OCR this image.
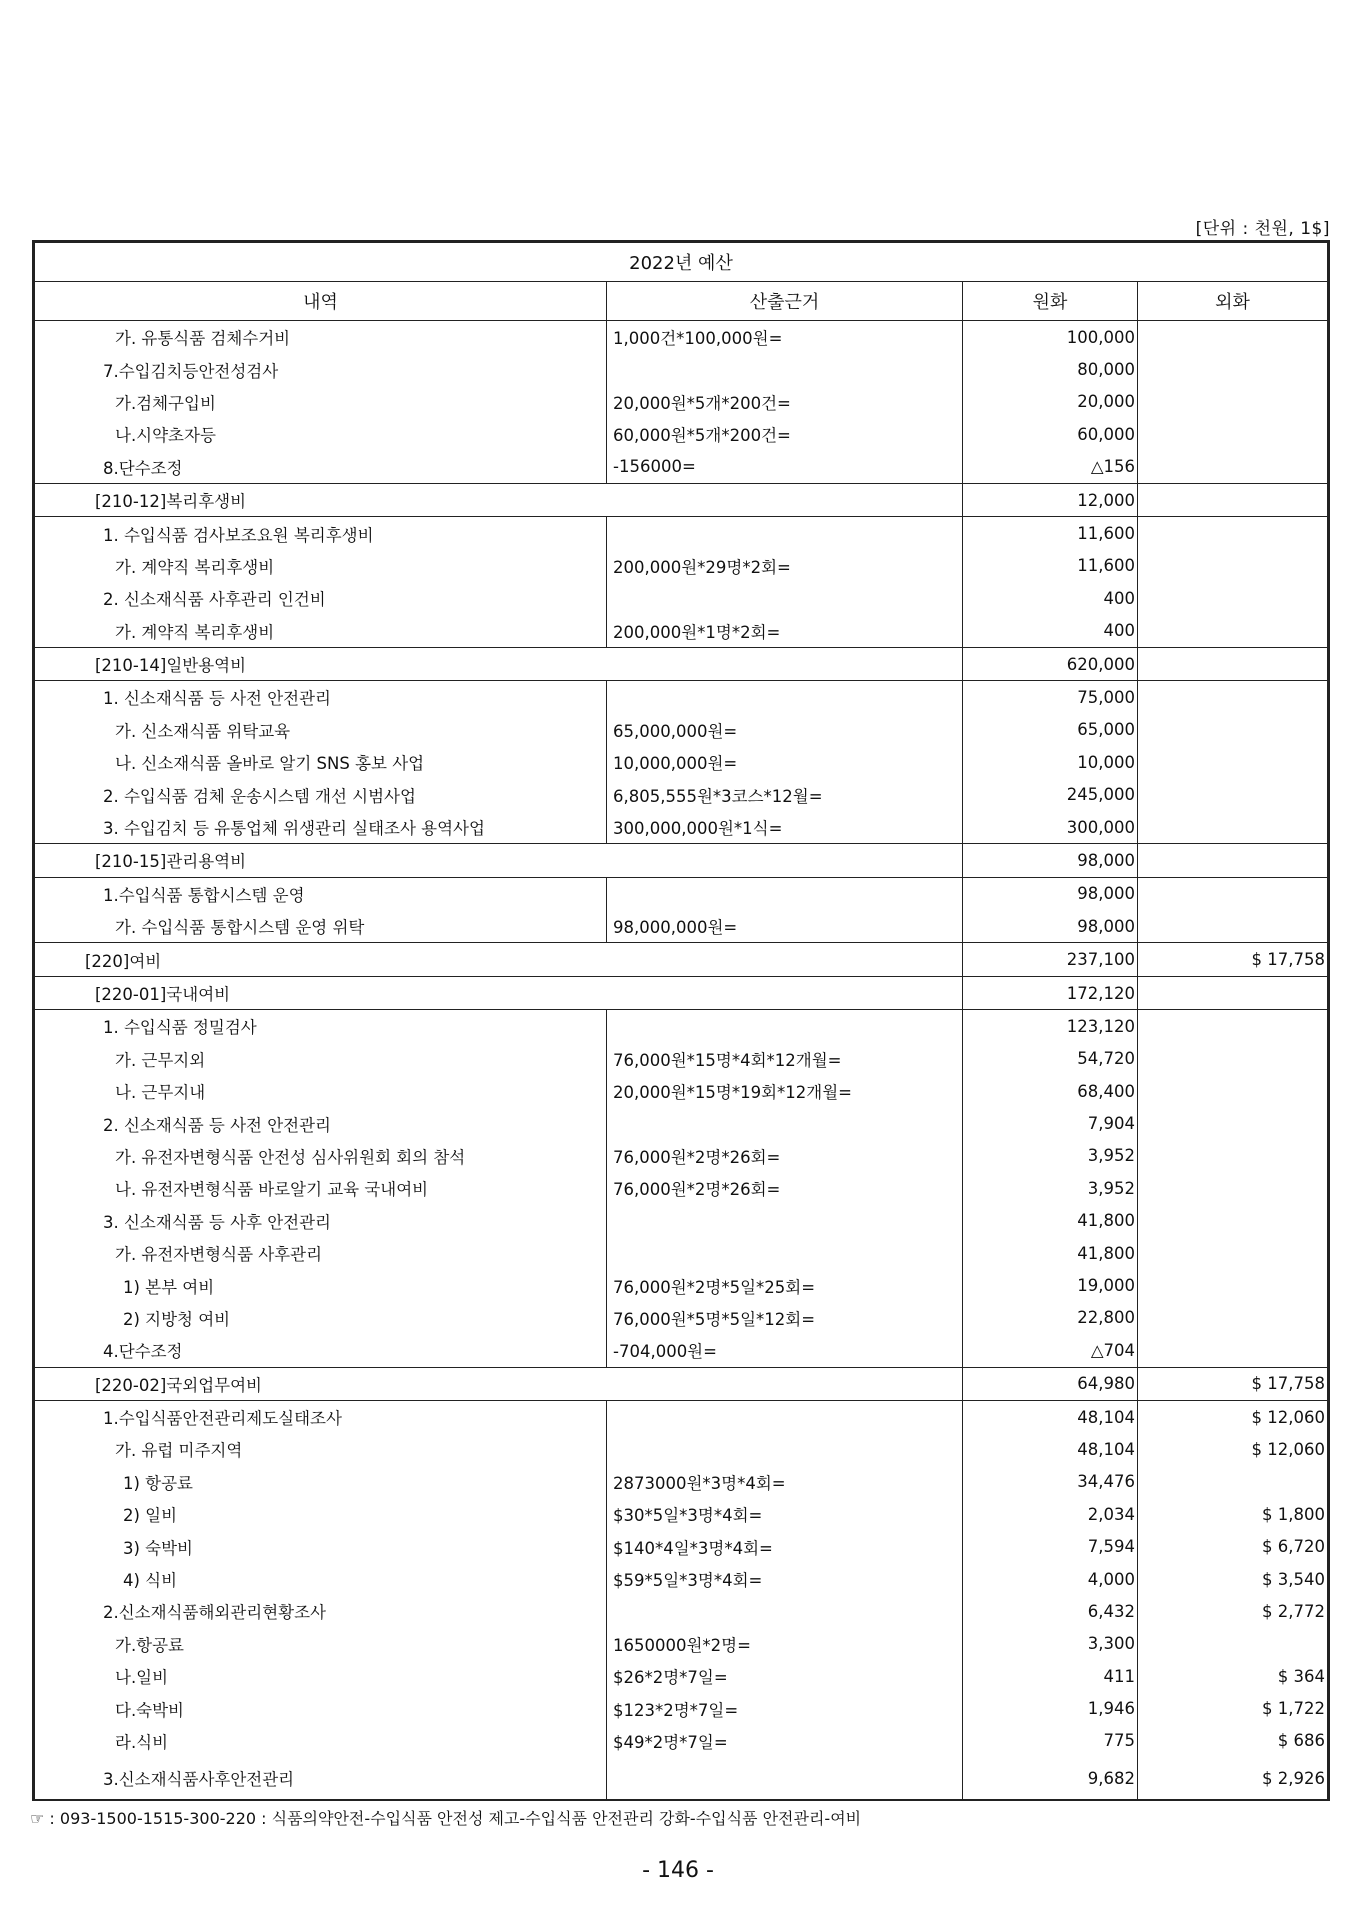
[단위 : 천원, 1$]
2022년 예산			
내역	산출근거	원화	외화
가. 유통식품 검체수거비	1,000건*100,000원=	100,000	
7.수입김치등안전성검사		80,000	
가.검체구입비	20,000원*5개*200건=	20,000	
나.시약초자등	60,000원*5개*200건=	60,000	
8.단수조정	-156000=	△156	
[210-12]복리후생비		12,000	
1. 수입식품 검사보조요원 복리후생비		11,600	
가. 계약직 복리후생비	200,000원*29명*2회=	11,600	
2. 신소재식품 사후관리 인건비		400	
가. 계약직 복리후생비	200,000원*1명*2회=	400	
[210-14]일반용역비		620,000	
1. 신소재식품 등 사전 안전관리		75,000	
가. 신소재식품 위탁교육	65,000,000원=	65,000	
나. 신소재식품 올바로 알기 SNS 홍보 사업	10,000,000원=	10,000	
2. 수입식품 검체 운송시스템 개선 시범사업	6,805,555원*3코스*12월=	245,000	
3. 수입김치 등 유통업체 위생관리 실태조사 용역사업	300,000,000원*1식=	300,000	
[210-15]관리용역비		98,000	
1.수입식품 통합시스템 운영		98,000	
가. 수입식품 통합시스템 운영 위탁	98,000,000원=	98,000	
[220]여비		237,100	$ 17,758
[220-01]국내여비		172,120	
1. 수입식품 정밀검사		123,120	
가. 근무지외	76,000원*15명*4회*12개월=	54,720	
나. 근무지내	20,000원*15명*19회*12개월=	68,400	
2. 신소재식품 등 사전 안전관리		7,904	
가. 유전자변형식품 안전성 심사위원회 회의 참석	76,000원*2명*26회=	3,952	
나. 유전자변형식품 바로알기 교육 국내여비	76,000원*2명*26회=	3,952	
3. 신소재식품 등 사후 안전관리		41,800	
가. 유전자변형식품 사후관리		41,800	
1) 본부 여비	76,000원*2명*5일*25회=	19,000	
2) 지방청 여비	76,000원*5명*5일*12회=	22,800	
4.단수조정	-704,000원=	△704	
[220-02]국외업무여비		64,980	$ 17,758
1.수입식품안전관리제도실태조사		48,104	$ 12,060
가. 유럽 미주지역		48,104	$ 12,060
1) 항공료	2873000원*3명*4회=	34,476	
2) 일비	$30*5일*3명*4회=	2,034	$ 1,800
3) 숙박비	$140*4일*3명*4회=	7,594	$ 6,720
4) 식비	$59*5일*3명*4회=	4,000	$ 3,540
2.신소재식품해외관리현황조사		6,432	$ 2,772
가.항공료	1650000원*2명=	3,300	
나.일비	$26*2명*7일=	411	$ 364
다.숙박비	$123*2명*7일=	1,946	$ 1,722
라.식비	$49*2명*7일=	775	$ 686
3.신소재식품사후안전관리		9,682	$ 2,926
☞ : 093-1500-1515-300-220 : 식품의약안전-수입식품 안전성 제고-수입식품 안전관리 강화-수입식품 안전관리-여비
- 146 -
